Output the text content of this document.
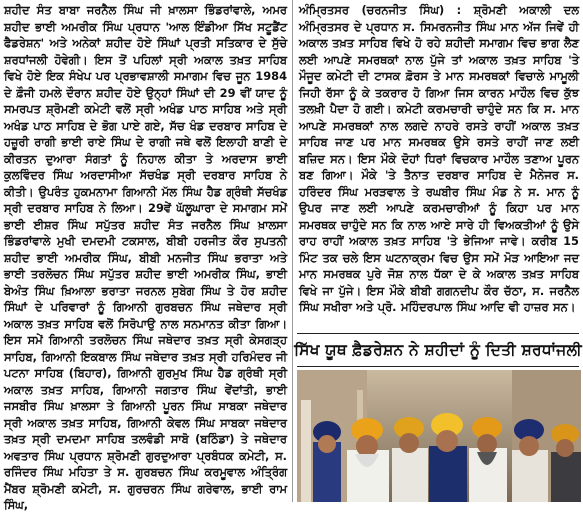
ਸ਼ਹੀਦ ਸੰਤ ਬਾਬਾ ਜਰਨੈਲ ਸਿੰਘ ਜੀ ਖ਼ਾਲਸਾ ਭਿੰਡਰਾਂਵਾਲੇ, ਅਮਰ ਸ਼ਹੀਦ ਭਾਈ ਅਮਰੀਕ ਸਿੰਘ ਪ੍ਰਧਾਨ 'ਆਲ ਇੰਡੀਆ ਸਿੱਖ ਸਟੂਡੈਂਟ ਫੈਡਰੇਸ਼ਨ' ਅਤੇ ਅਨੇਕਾਂ ਸ਼ਹੀਦ ਹੋਏ ਸਿੰਘਾਂ ਪ੍ਰਤੀ ਸਤਿਕਾਰ ਦੇ ਸੁੱਚੇ ਸ਼ਰਧਾਂਜਲੀ ਹੋਵੇਗੀ। ਇਸ ਤੋਂ ਪਹਿਲਾਂ ਸ੍ਰੀ ਅਕਾਲ ਤਖ਼ਤ ਸਾਹਿਬ ਵਿਖੇ ਹੋਏ ਇਕ ਸੰਖੇਪ ਪਰ ਪ੍ਰਭਾਵਸ਼ਾਲੀ ਸਮਾਗਮ ਵਿਚ ਜੂਨ 1984 ਦੇ ਫ਼ੌਜੀ ਹਮਲੇ ਦੌਰਾਨ ਸ਼ਹੀਦ ਹੋਏ ਉਨ੍ਹਾਂ ਸਿੰਘਾਂ ਦੀ 29 ਵੀਂ ਯਾਦ ਨੂੰ ਸਮਰਪਤ ਸ਼੍ਰੋਮਣੀ ਕਮੇਟੀ ਵਲੋਂ ਸ੍ਰੀ ਅਖੰਡ ਪਾਠ ਸਾਹਿਬ ਅਤੇ ਸ੍ਰੀ ਅਖੰਡ ਪਾਠ ਸਾਹਿਬ ਦੇ ਭੋਗ ਪਾਏ ਗਏ, ਸੱਚ ਖੰਡ ਦਰਬਾਰ ਸਾਹਿਬ ਦੇ ਹਜ਼ੂਰੀ ਰਾਗੀ ਭਾਈ ਰਾਏ ਸਿੰਘ ਦੇ ਰਾਗੀ ਜਥੇ ਵਲੋਂ ਇਲਾਹੀ ਬਾਣੀ ਦੇ ਕੀਰਤਨ ਦੁਆਰਾ ਸੰਗਤਾਂ ਨੂੰ ਨਿਹਾਲ ਕੀਤਾ ਤੇ ਅਰਦਾਸ ਭਾਈ ਕੁਲਵਿੰਦਰ ਸਿੰਘ ਅਰਦਾਸੀਆ ਸੱਚਖੰਡ ਸ੍ਰੀ ਦਰਬਾਰ ਸਾਹਿਬ ਨੇ ਕੀਤੀ। ਉਪਰੰਤ ਹੁਕਮਨਾਮਾ ਗਿਆਨੀ ਮੱਲ ਸਿੰਘ ਹੈਡ ਗ੍ਰੰਥੀ ਸੱਚਖੰਡ ਸ੍ਰੀ ਦਰਬਾਰ ਸਾਹਿਬ ਨੇ ਲਿਆ। 29ਵੇਂ ਘੱਲੂਘਾਰਾ ਦੇ ਸਮਾਗਮ ਸਮੇਂ ਭਾਈ ਈਸ਼ਰ ਸਿੰਘ ਸਪੁੱਤਰ ਸ਼ਹੀਦ ਸੰਤ ਜਰਨੈਲ ਸਿੰਘ ਖ਼ਾਲਸਾ ਭਿੰਡਰਾਂਵਾਲੇ ਮੁਖੀ ਦਮਦਮੀ ਟਕਸਾਲ, ਬੀਬੀ ਹਰਜੀਤ ਕੌਰ ਸੁਪਤਨੀ ਸ਼ਹੀਦ ਭਾਈ ਅਮਰੀਕ ਸਿੰਘ, ਬੀਬੀ ਮਨਜੀਤ ਸਿੰਘ ਭਰਾਤਾ ਅਤੇ ਭਾਈ ਤਰਲੋਚਨ ਸਿੰਘ ਸਪੁੱਤਰ ਸ਼ਹੀਦ ਭਾਈ ਅਮਰੀਕ ਸਿੰਘ, ਭਾਈ ਬੇਅੰਤ ਸਿੰਘ ਖ਼ਿਆਲਾ ਭਰਾਤਾ ਜਰਨਲ ਸੁਬੇਗ ਸਿੰਘ ਤੇ ਹੋਰ ਸ਼ਹੀਦ ਸਿੰਘਾਂ ਦੇ ਪਰਿਵਾਰਾਂ ਨੂੰ ਗਿਆਨੀ ਗੁਰਬਚਨ ਸਿੰਘ ਜਥੇਦਾਰ ਸ੍ਰੀ ਅਕਾਲ ਤਖ਼ਤ ਸਾਹਿਬ ਵਲੋਂ ਸਿਰੋਪਾਉ ਨਾਲ ਸਨਮਾਨਤ ਕੀਤਾ ਗਿਆ। ਇਸ ਸਮੇਂ ਗਿਆਨੀ ਤਰਲੋਚਨ ਸਿੰਘ ਜਥੇਦਾਰ ਤਖ਼ਤ ਸ੍ਰੀ ਕੇਸਗੜ੍ਹ ਸਾਹਿਬ, ਗਿਆਨੀ ਇਕਬਾਲ ਸਿੰਘ ਜਥੇਦਾਰ ਤਖ਼ਤ ਸ੍ਰੀ ਹਰਿਮੰਦਰ ਜੀ ਪਟਨਾ ਸਾਹਿਬ (ਬਿਹਾਰ), ਗਿਆਨੀ ਗੁਰਮੁਖ ਸਿੰਘ ਹੈਡ ਗ੍ਰੰਥੀ ਸ੍ਰੀ ਅਕਾਲ ਤਖ਼ਤ ਸਾਹਿਬ, ਗਿਆਨੀ ਜਗਤਾਰ ਸਿੰਘ ਵੇਂਦਾਂਤੀ, ਭਾਈ ਜਸਬੀਰ ਸਿੰਘ ਖ਼ਾਲਸਾ ਤੇ ਗਿਆਨੀ ਪੂਰਨ ਸਿੰਘ ਸਾਬਕਾ ਜਥੇਦਾਰ ਸ੍ਰੀ ਅਕਾਲ ਤਖ਼ਤ ਸਾਹਿਬ, ਗਿਆਨੀ ਕੇਵਲ ਸਿੰਘ ਸਾਬਕਾ ਜਥੇਦਾਰ ਤਖ਼ਤ ਸ੍ਰੀ ਦਮਦਮਾ ਸਾਹਿਬ ਤਲਵੰਡੀ ਸਾਬੋ (ਬਠਿੰਡਾ) ਤੇ ਜਥੇਦਾਰ ਅਵਤਾਰ ਸਿੰਘ ਪ੍ਰਧਾਨ ਸ਼੍ਰੋਮਣੀ ਗੁਰਦੁਆਰਾ ਪ੍ਰਬੰਧਕ ਕਮੇਟੀ, ਸ. ਰਜਿੰਦਰ ਸਿੰਘ ਮਹਿਤਾ ਤੇ ਸ. ਗੁਰਬਚਨ ਸਿੰਘ ਕਰਮੂਵਾਲ ਅੰਤ੍ਰਿੰਗ ਮੈਂਬਰ ਸ਼੍ਰੋਮਣੀ ਕਮੇਟੀ, ਸ. ਗੁਰਚਰਨ ਸਿੰਘ ਗਰੇਵਾਲ, ਭਾਈ ਰਾਮ ਸਿੰਘ,

ਅੰਮ੍ਰਿਤਸਰ (ਚਰਨਜੀਤ ਸਿੰਘ) : ਸ਼੍ਰੋਮਣੀ ਅਕਾਲੀ ਦਲ ਅੰਮ੍ਰਿਤਸਰ ਦੇ ਪ੍ਰਧਾਨ ਸ. ਸਿਮਰਨਜੀਤ ਸਿੰਘ ਮਾਨ ਅੱਜ ਜਿਵੇਂ ਹੀ ਅਕਾਲ ਤਖ਼ਤ ਸਾਹਿਬ ਵਿਖੇ ਹੋ ਰਹੇ ਸ਼ਹੀਦੀ ਸਮਾਗਮ ਵਿਚ ਭਾਗ ਲੈਣ ਲਈ ਆਪਣੇ ਸਮਰਥਕਾਂ ਨਾਲ ਪੁੱਜੇ ਤਾਂ ਅਕਾਲ ਤਖ਼ਤ ਸਾਹਿਬ 'ਤੇ ਮੌਜੂਦ ਕਮੇਟੀ ਦੀ ਟਾਸਕ ਫ਼ੋਰਸ ਤੇ ਮਾਨ ਸਮਰਥਕਾਂ ਵਿਚਾਲੇ ਮਾਮੂਲੀ ਜਿਹੀ ਰੱਸਾ ਨੂੰ ਕੇ ਤਕਰਾਰ ਹੋ ਗਿਆ ਜਿਸ ਕਾਰਨ ਮਾਹੌਲ ਵਿਚ ਕੁੱਝ ਤਲਖ਼ੀ ਪੈਦਾ ਹੋ ਗਈ। ਕਮੇਟੀ ਕਰਮਚਾਰੀ ਚਾਹੁੰਦੇ ਸਨ ਕਿ ਸ. ਮਾਨ ਆਪਣੇ ਸਮਰਥਕਾਂ ਨਾਲ ਲਗਦੇ ਨਾਹਰੇ ਰਸਤੇ ਰਾਹੀਂ ਅਕਾਲ ਤਖ਼ਤ ਸਾਹਿਬ ਜਾਣ ਪਰ ਮਾਨ ਸਮਰਥਕ ਉਸੇ ਰਸਤੇ ਰਾਹੀਂ ਜਾਣ ਲਈ ਬਜ਼ਿਦ ਸਨ। ਇਸ ਮੌਕੇ ਦੋਹਾਂ ਧਿਰਾਂ ਵਿਚਕਾਰ ਮਾਹੌਲ ਤਣਾਅ ਪੂਰਨ ਬਣ ਗਿਆ। ਮੌਕੇ 'ਤੇ ਤੈਨਾਤ ਦਰਬਾਰ ਸਾਹਿਬ ਦੇ ਮੈਨੇਜਰ ਸ. ਹਰਿੰਦਰ ਸਿੰਘ ਮਰੜਵਾਲ ਤੇ ਰਘਬੀਰ ਸਿੰਘ ਮੰਡ ਨੇ ਸ. ਮਾਨ ਨੂੰ ਉਪਰ ਜਾਣ ਲਈ ਆਪਣੇ ਕਰਮਚਾਰੀਆਂ ਨੂੰ ਕਿਹਾ ਪਰ ਮਾਨ ਸਮਰਥਕ ਚਾਹੁੰਦੇ ਸਨ ਕਿ ਨਾਲ ਆਏ ਸਾਰੇ ਹੀ ਵਿਅਕਤੀਆਂ ਨੂੰ ਉਸੇ ਰਾਹ ਰਾਹੀਂ ਅਕਾਲ ਤਖ਼ਤ ਸਾਹਿਬ 'ਤੇ ਭੇਜਿਆ ਜਾਵੇ। ਕਰੀਬ 15 ਮਿੰਟ ਤਕ ਚਲੇ ਇਸ ਘਟਨਾਕ੍ਰਮ ਵਿਚ ਉਸ ਸਮੇਂ ਮੋੜ ਆਇਆ ਜਦ ਮਾਨ ਸਮਰਥਕ ਪੁਰੇ ਜੋਸ਼ ਨਾਲ ਧੱਕਾ ਦੇ ਕੇ ਅਕਾਲ ਤਖ਼ਤ ਸਾਹਿਬ ਵਿਖੇ ਜਾ ਪੁੱਜੇ। ਇਸ ਮੌਕੇ ਬੀਬੀ ਗਗਨਦੀਪ ਕੌਰ ਚੱਠਾ, ਸ. ਜਰਨੈਲ ਸਿੰਘ ਸਖੀਰਾ ਅਤੇ ਪ੍ਰੋ. ਮਹਿੰਦਰਪਾਲ ਸਿੰਘ ਆਦਿ ਵੀ ਹਾਜ਼ਰ ਸਨ।

ਸਿੱਖ ਯੂਥ ਫ਼ੈਡਰੇਸ਼ਨ ਨੇ ਸ਼ਹੀਦਾਂ ਨੂੰ ਦਿਤੀ ਸ਼ਰਧਾਂਜਲੀ
